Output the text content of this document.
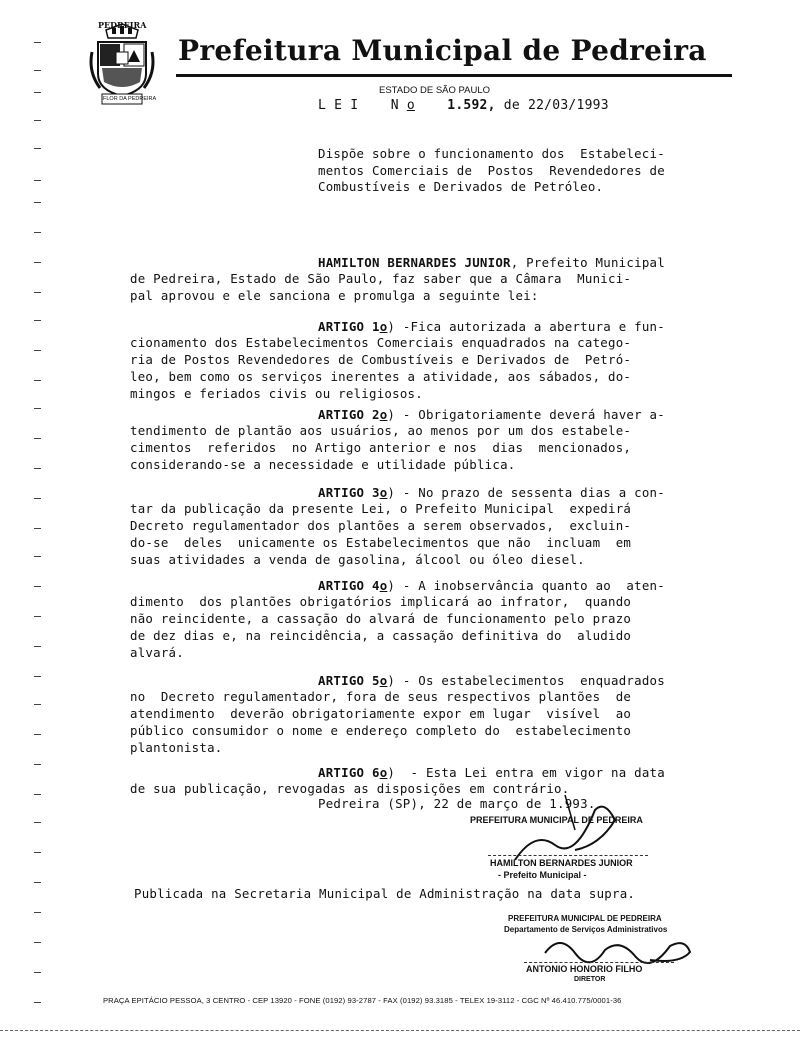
PEDREIRA
FLOR DA PEDREIRA
Prefeitura Municipal de Pedreira
ESTADO DE SÃO PAULO
L E I N o 1.592, de 22/03/1993
Dispõe sobre o funcionamento dos  Estabeleci-
mentos Comerciais de  Postos  Revendedores de
Combustíveis e Derivados de Petróleo.

HAMILTON BERNARDES JUNIOR, Prefeito Municipal
de Pedreira, Estado de São Paulo, faz saber que a Câmara  Munici-
pal aprovou e ele sanciona e promulga a seguinte lei:

ARTIGO 1o) -Fica autorizada a abertura e fun-
cionamento dos Estabelecimentos Comerciais enquadrados na catego-
ria de Postos Revendedores de Combustíveis e Derivados de  Petró-
leo, bem como os serviços inerentes a atividade, aos sábados, do-
mingos e feriados civis ou religiosos.

ARTIGO 2o) - Obrigatoriamente deverá haver a-
tendimento de plantão aos usuários, ao menos por um dos estabele-
cimentos  referidos  no Artigo anterior e nos  dias  mencionados,
considerando-se a necessidade e utilidade pública.

ARTIGO 3o) - No prazo de sessenta dias a con-
tar da publicação da presente Lei, o Prefeito Municipal  expedirá
Decreto regulamentador dos plantões a serem observados,  excluin-
do-se  deles  unicamente os Estabelecimentos que não  incluam  em
suas atividades a venda de gasolina, álcool ou óleo diesel.

ARTIGO 4o) - A inobservância quanto ao  aten-
dimento  dos plantões obrigatórios implicará ao infrator,  quando
não reincidente, a cassação do alvará de funcionamento pelo prazo
de dez dias e, na reincidência, a cassação definitiva do  aludido
alvará.

ARTIGO 5o) - Os estabelecimentos  enquadrados
no  Decreto regulamentador, fora de seus respectivos plantões  de
atendimento  deverão obrigatoriamente expor em lugar  visível  ao
público consumidor o nome e endereço completo do  estabelecimento
plantonista.

ARTIGO 6o)  - Esta Lei entra em vigor na data
de sua publicação, revogadas as disposições em contrário.
Pedreira (SP), 22 de março de 1.993.
PREFEITURA MUNICIPAL DE PEDREIRA
HAMILTON BERNARDES JUNIOR
- Prefeito Municipal -
Publicada na Secretaria Municipal de Administração na data supra.
PREFEITURA MUNICIPAL DE PEDREIRA
Departamento de Serviços Administrativos
ANTONIO HONORIO FILHO
DIRETOR
PRAÇA EPITÁCIO PESSOA, 3 CENTRO - CEP 13920 - FONE (0192) 93-2787 - FAX (0192) 93.3185 - TELEX 19-3112 - CGC Nº 46.410.775/0001-36
